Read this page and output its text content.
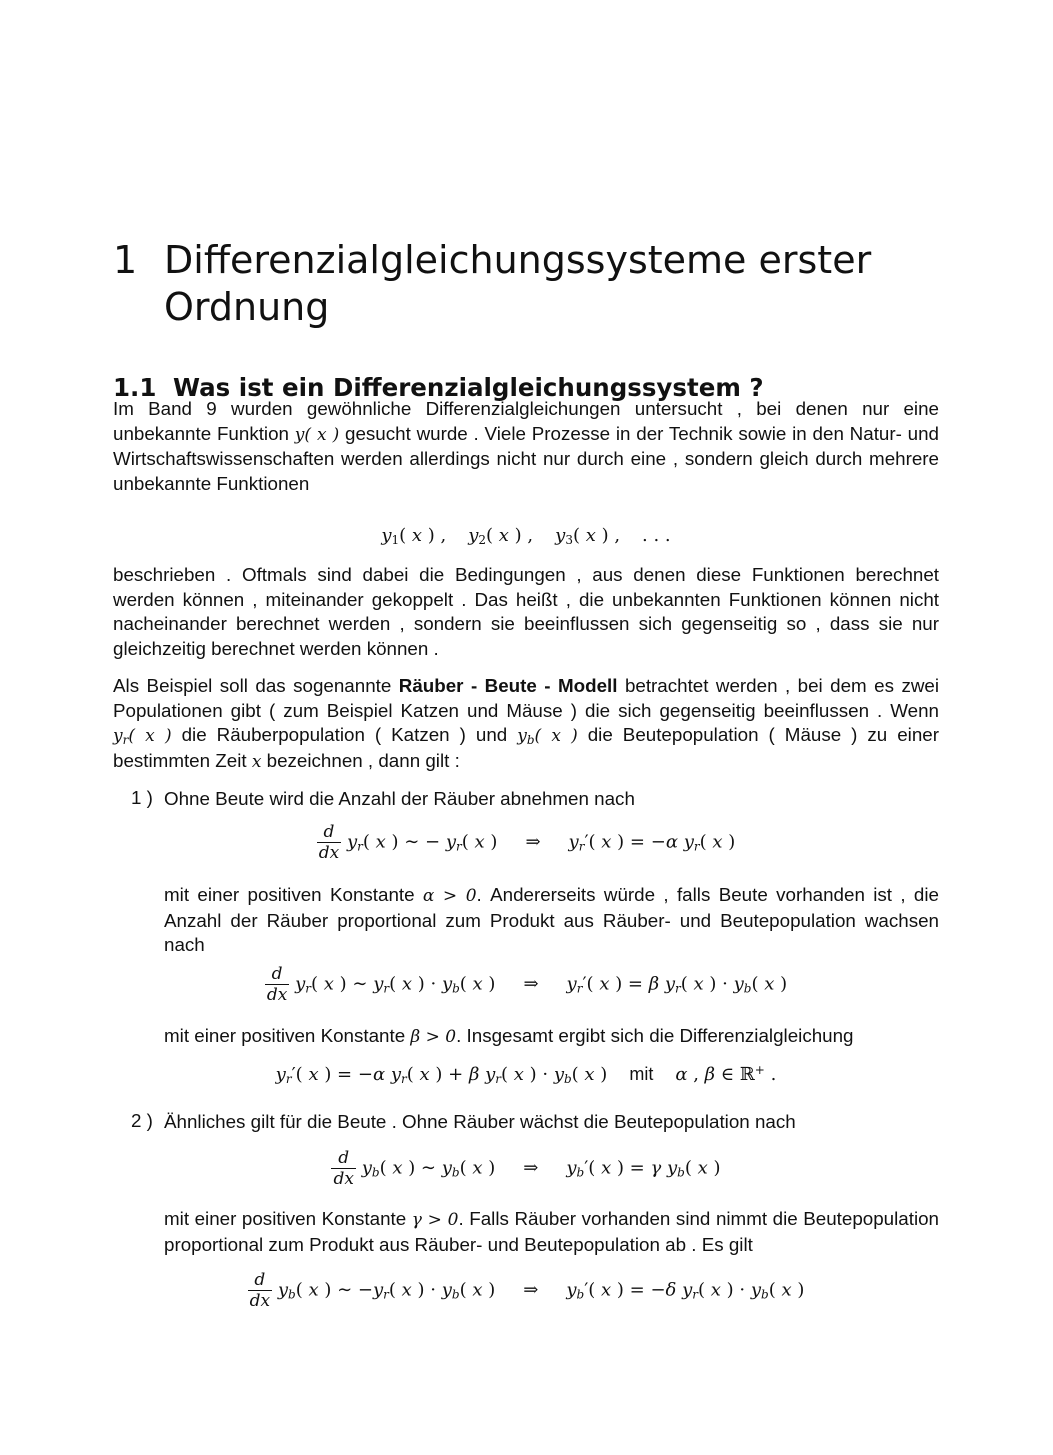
1 Differenzialgleichungssysteme erster Ordnung
1.1 Was ist ein Differenzialgleichungssystem ?

Im Band 9 wurden gewöhnliche Differenzialgleichungen untersucht , bei denen nur eine unbekannte Funktion y( x ) gesucht wurde . Viele Prozesse in der Technik sowie in den Natur- und Wirtschaftswissenschaften werden allerdings nicht nur durch eine , sondern gleich durch mehrere unbekannte Funktionen

$y_1$( x ) , $y_2$( x ) , $y_3$( x ) , . . .

beschrieben . Oftmals sind dabei die Bedingungen , aus denen diese Funktionen berechnet werden können , miteinander gekoppelt . Das heißt , die unbekannten Funktionen können nicht nacheinander berechnet werden , sondern sie beeinflussen sich gegenseitig so , dass sie nur gleichzeitig berechnet werden können .

Als Beispiel soll das sogenannte Räuber - Beute - Modell betrachtet werden , bei dem es zwei Populationen gibt ( zum Beispiel Katzen und Mäuse ) die sich gegenseitig beeinflussen . Wenn $y_r$( x ) die Räuberpopulation ( Katzen ) und $y_b$( x ) die Beutepopulation ( Mäuse ) zu einer bestimmten Zeit x bezeichnen , dann gilt :

1 ) Ohne Beute wird die Anzahl der Räuber abnehmen nach
$\frac{d}{dx} y_r$( x ) ∼ − $y_r$( x ) ⇒ $y_r'$( x ) = −α $y_r$( x )
mit einer positiven Konstante α > 0. Andererseits würde , falls Beute vorhanden ist , die Anzahl der Räuber proportional zum Produkt aus Räuber- und Beutepopulation wachsen nach
$\frac{d}{dx} y_r$( x ) ∼ $y_r$( x ) · $y_b$( x ) ⇒ $y_r'$( x ) = β $y_r$( x ) · $y_b$( x )
mit einer positiven Konstante β > 0. Insgesamt ergibt sich die Differenzialgleichung
$y_r'$( x ) = −α $y_r$( x ) + β $y_r$( x ) · $y_b$( x ) mit α , β ∈ ℝ+ .
2 ) Ähnliches gilt für die Beute . Ohne Räuber wächst die Beutepopulation nach
$\frac{d}{dx} y_b$( x ) ∼ $y_b$( x ) ⇒ $y_b'$( x ) = γ $y_b$( x )
mit einer positiven Konstante γ > 0. Falls Räuber vorhanden sind nimmt die Beutepopulation proportional zum Produkt aus Räuber- und Beutepopulation ab . Es gilt
$\frac{d}{dx} y_b$( x ) ∼ $-y_r$( x ) · $y_b$( x ) ⇒ $y_b'$( x ) = −δ $y_r$( x ) · $y_b$( x )
